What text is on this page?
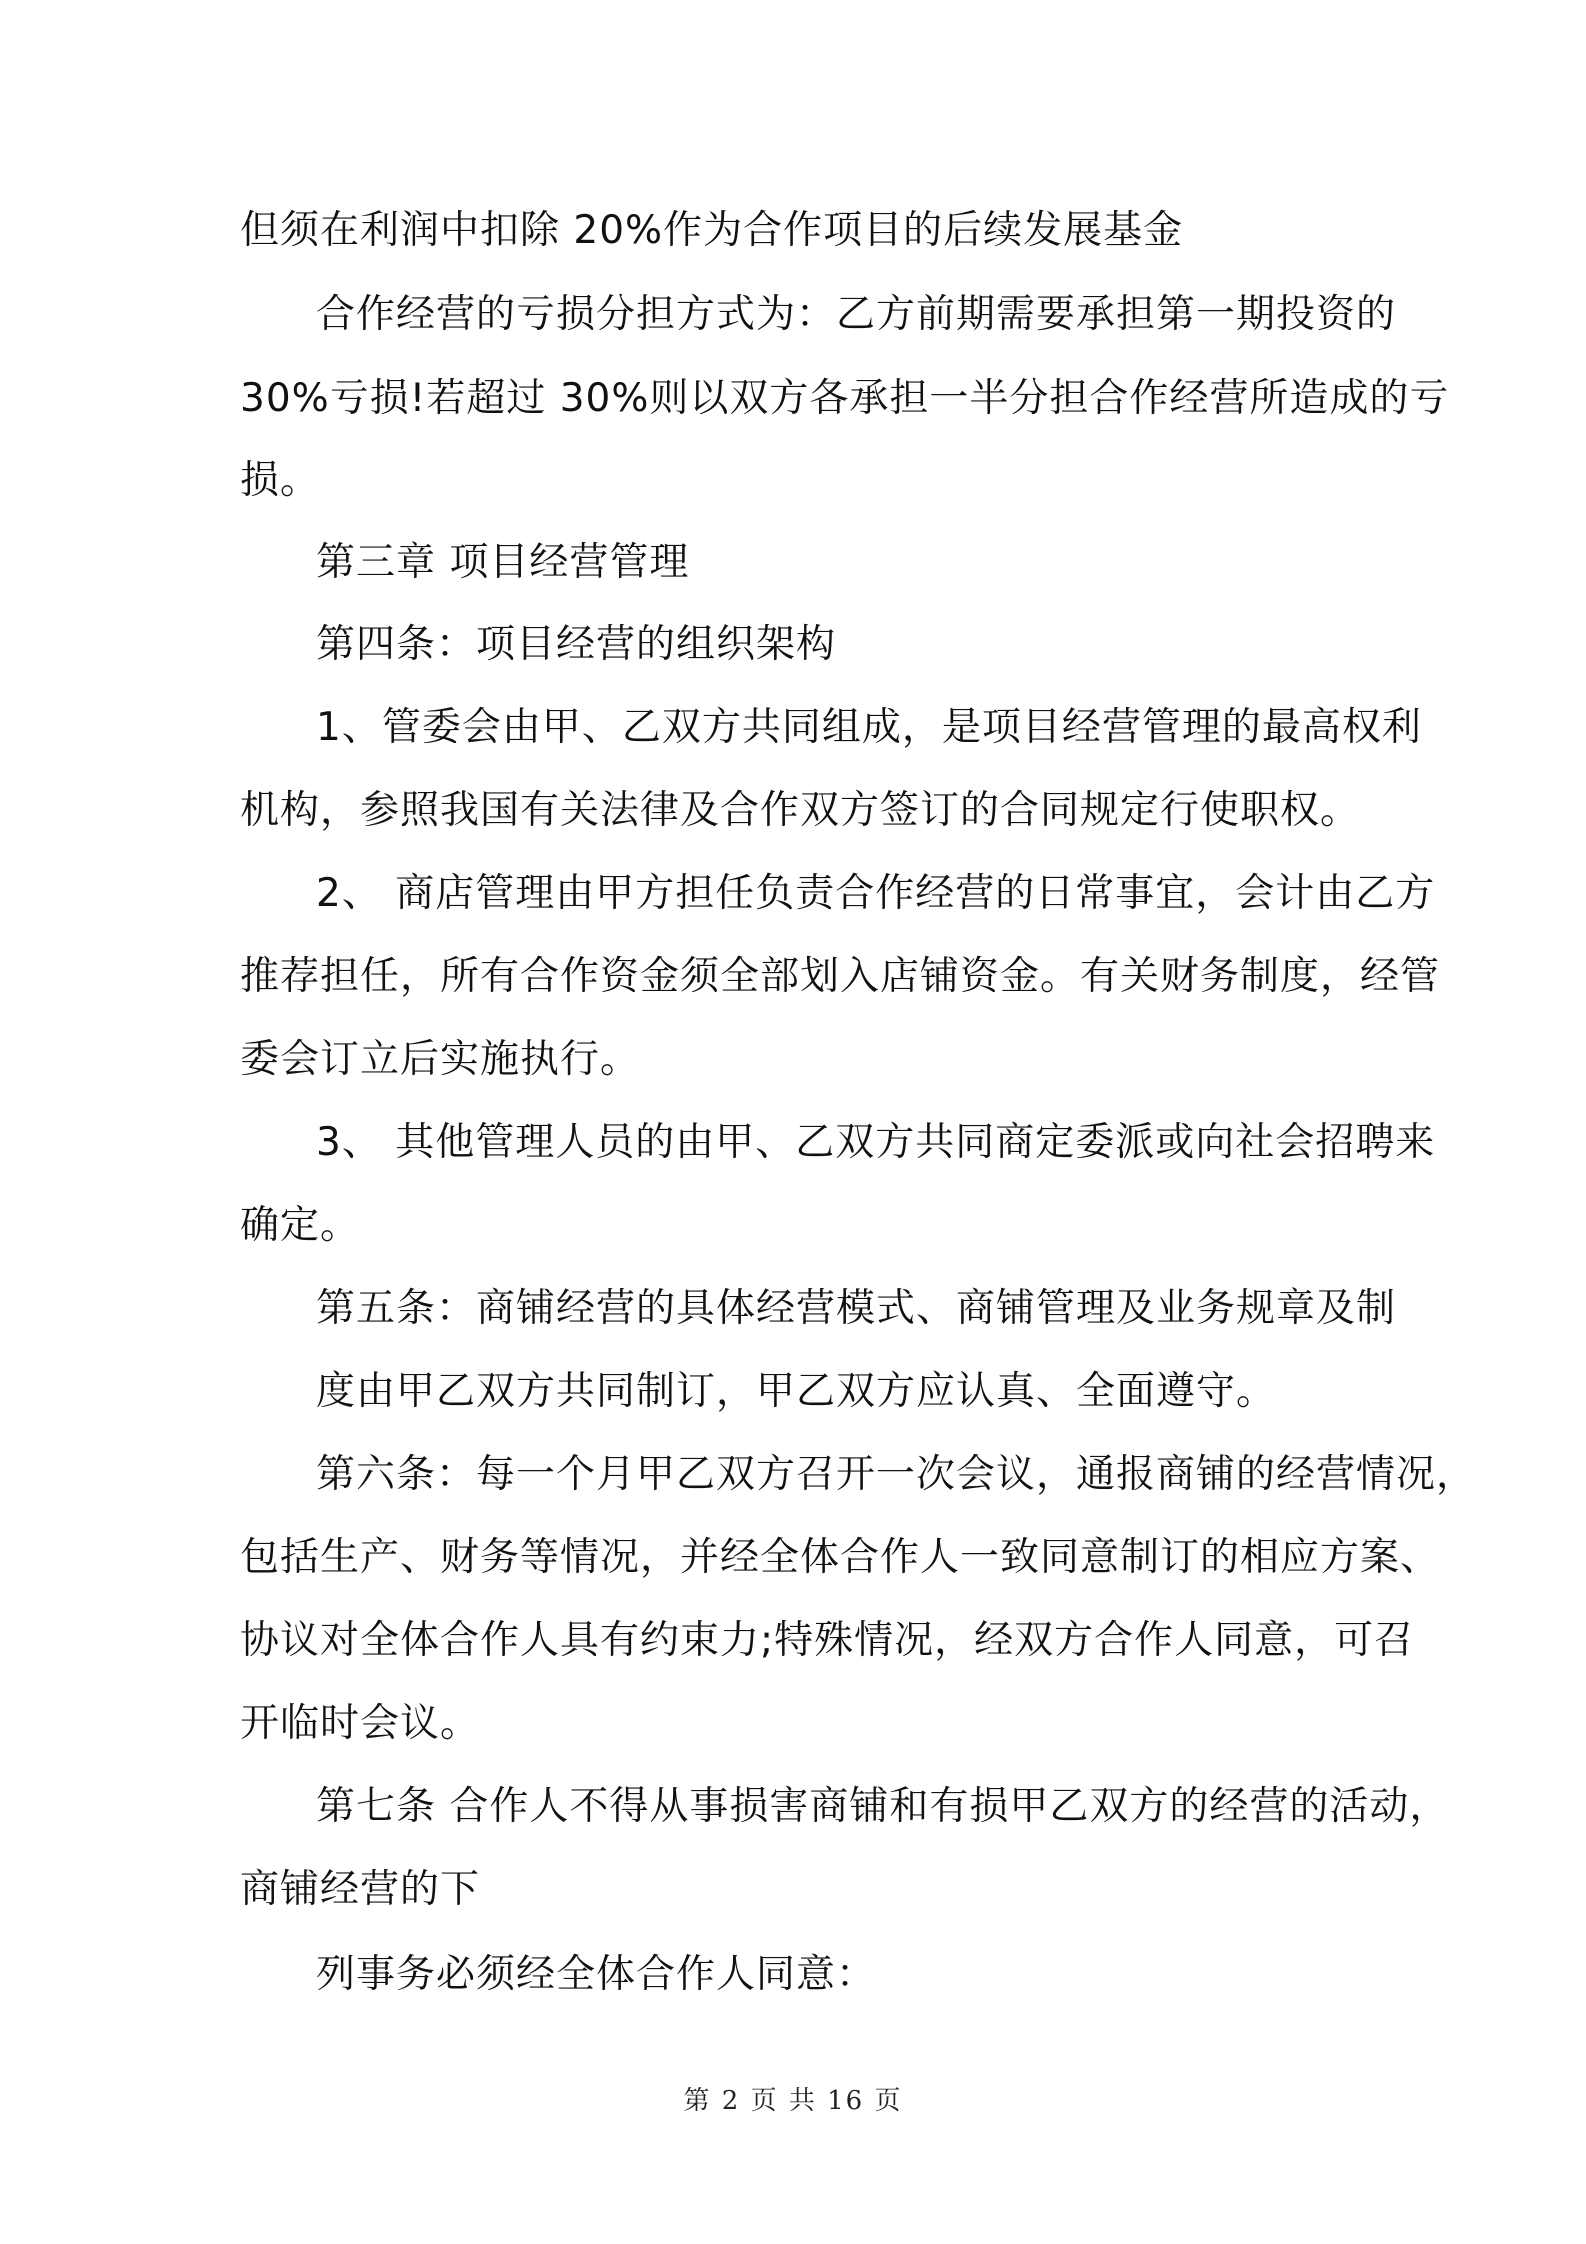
但须在利润中扣除 20%作为合作项目的后续发展基金
合作经营的亏损分担方式为：乙方前期需要承担第一期投资的
30%亏损!若超过 30%则以双方各承担一半分担合作经营所造成的亏
损。
第三章 项目经营管理
第四条：项目经营的组织架构
1、管委会由甲、乙双方共同组成，是项目经营管理的最高权利
机构，参照我国有关法律及合作双方签订的合同规定行使职权。
2、 商店管理由甲方担任负责合作经营的日常事宜，会计由乙方
推荐担任，所有合作资金须全部划入店铺资金。有关财务制度，经管
委会订立后实施执行。
3、 其他管理人员的由甲、乙双方共同商定委派或向社会招聘来
确定。
第五条：商铺经营的具体经营模式、商铺管理及业务规章及制
度由甲乙双方共同制订，甲乙双方应认真、全面遵守。
第六条：每一个月甲乙双方召开一次会议，通报商铺的经营情况，
包括生产、财务等情况，并经全体合作人一致同意制订的相应方案、
协议对全体合作人具有约束力;特殊情况，经双方合作人同意，可召
开临时会议。
第七条 合作人不得从事损害商铺和有损甲乙双方的经营的活动，
商铺经营的下
列事务必须经全体合作人同意：
第 2 页 共 16 页
